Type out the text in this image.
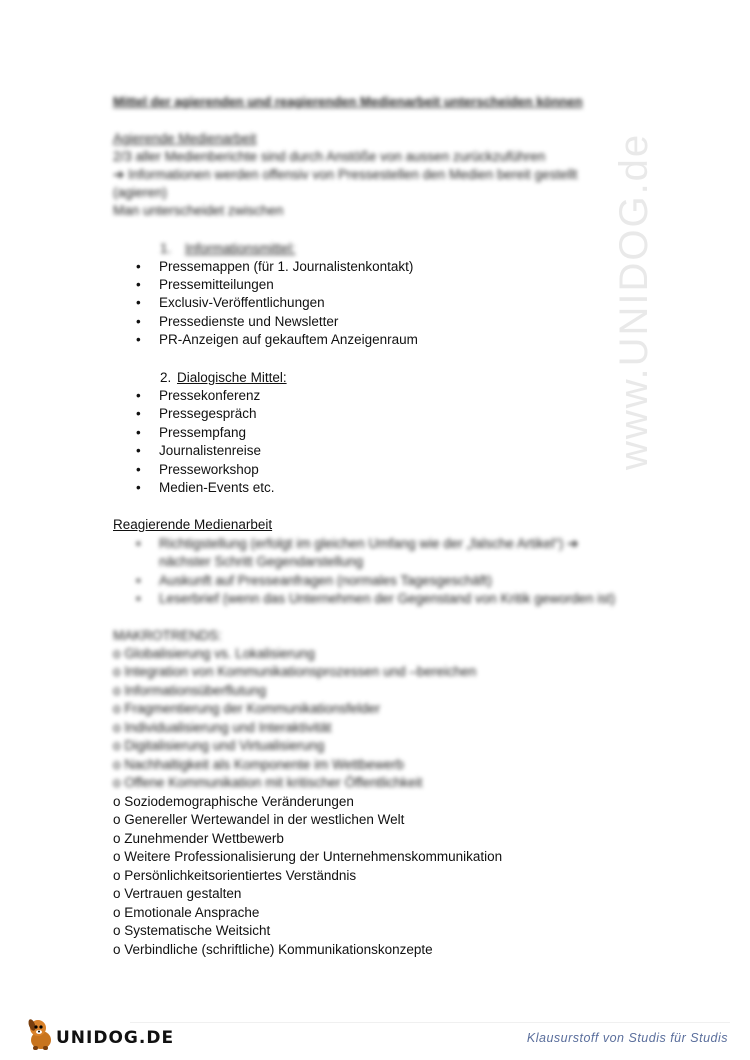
Mittel der agierenden und reagierenden Medienarbeit unterscheiden können
Agierende Medienarbeit
2/3 aller Medienberichte sind durch Anstöße von aussen zurückzuführen
➔ Informationen werden offensiv von Pressestellen den Medien bereit gestellt
(agieren)
Man unterscheidet zwischen
1. Informationsmittel:
•	Pressemappen (für 1. Journalistenkontakt)
•	Pressemitteilungen
•	Exclusiv-Veröffentlichungen
•	Pressedienste und Newsletter
•	PR-Anzeigen auf gekauftem Anzeigenraum
2. Dialogische Mittel:
•	Pressekonferenz
•	Pressegespräch
•	Pressempfang
•	Journalistenreise
•	Presseworkshop
•	Medien-Events etc.
Reagierende Medienarbeit
•	Richtigstellung (erfolgt im gleichen Umfang wie der „falsche Artikel“) ➔
nächster Schritt Gegendarstellung
•	Auskunft auf Presseanfragen (normales Tagesgeschäft)
•	Leserbrief (wenn das Unternehmen der Gegenstand von Kritik geworden ist)
MAKROTRENDS:
o Globalisierung vs. Lokalisierung
o Integration von Kommunikationsprozessen und –bereichen
o Informationsüberflutung
o Fragmentierung der Kommunikationsfelder
o Individualisierung und Interaktivität
o Digitalisierung und Virtualisierung
o Nachhaltigkeit als Komponente im Wettbewerb
o Offene Kommunikation mit kritischer Öffentlichkeit
o Soziodemographische Veränderungen
o Genereller Wertewandel in der westlichen Welt
o Zunehmender Wettbewerb
o Weitere Professionalisierung der Unternehmenskommunikation
o Persönlichkeitsorientiertes Verständnis
o Vertrauen gestalten
o Emotionale Ansprache
o Systematische Weitsicht
o Verbindliche (schriftliche) Kommunikationskonzepte
www.UNIDOG.de
UNIDOG.DE	Klausurstoff von Studis für Studis
